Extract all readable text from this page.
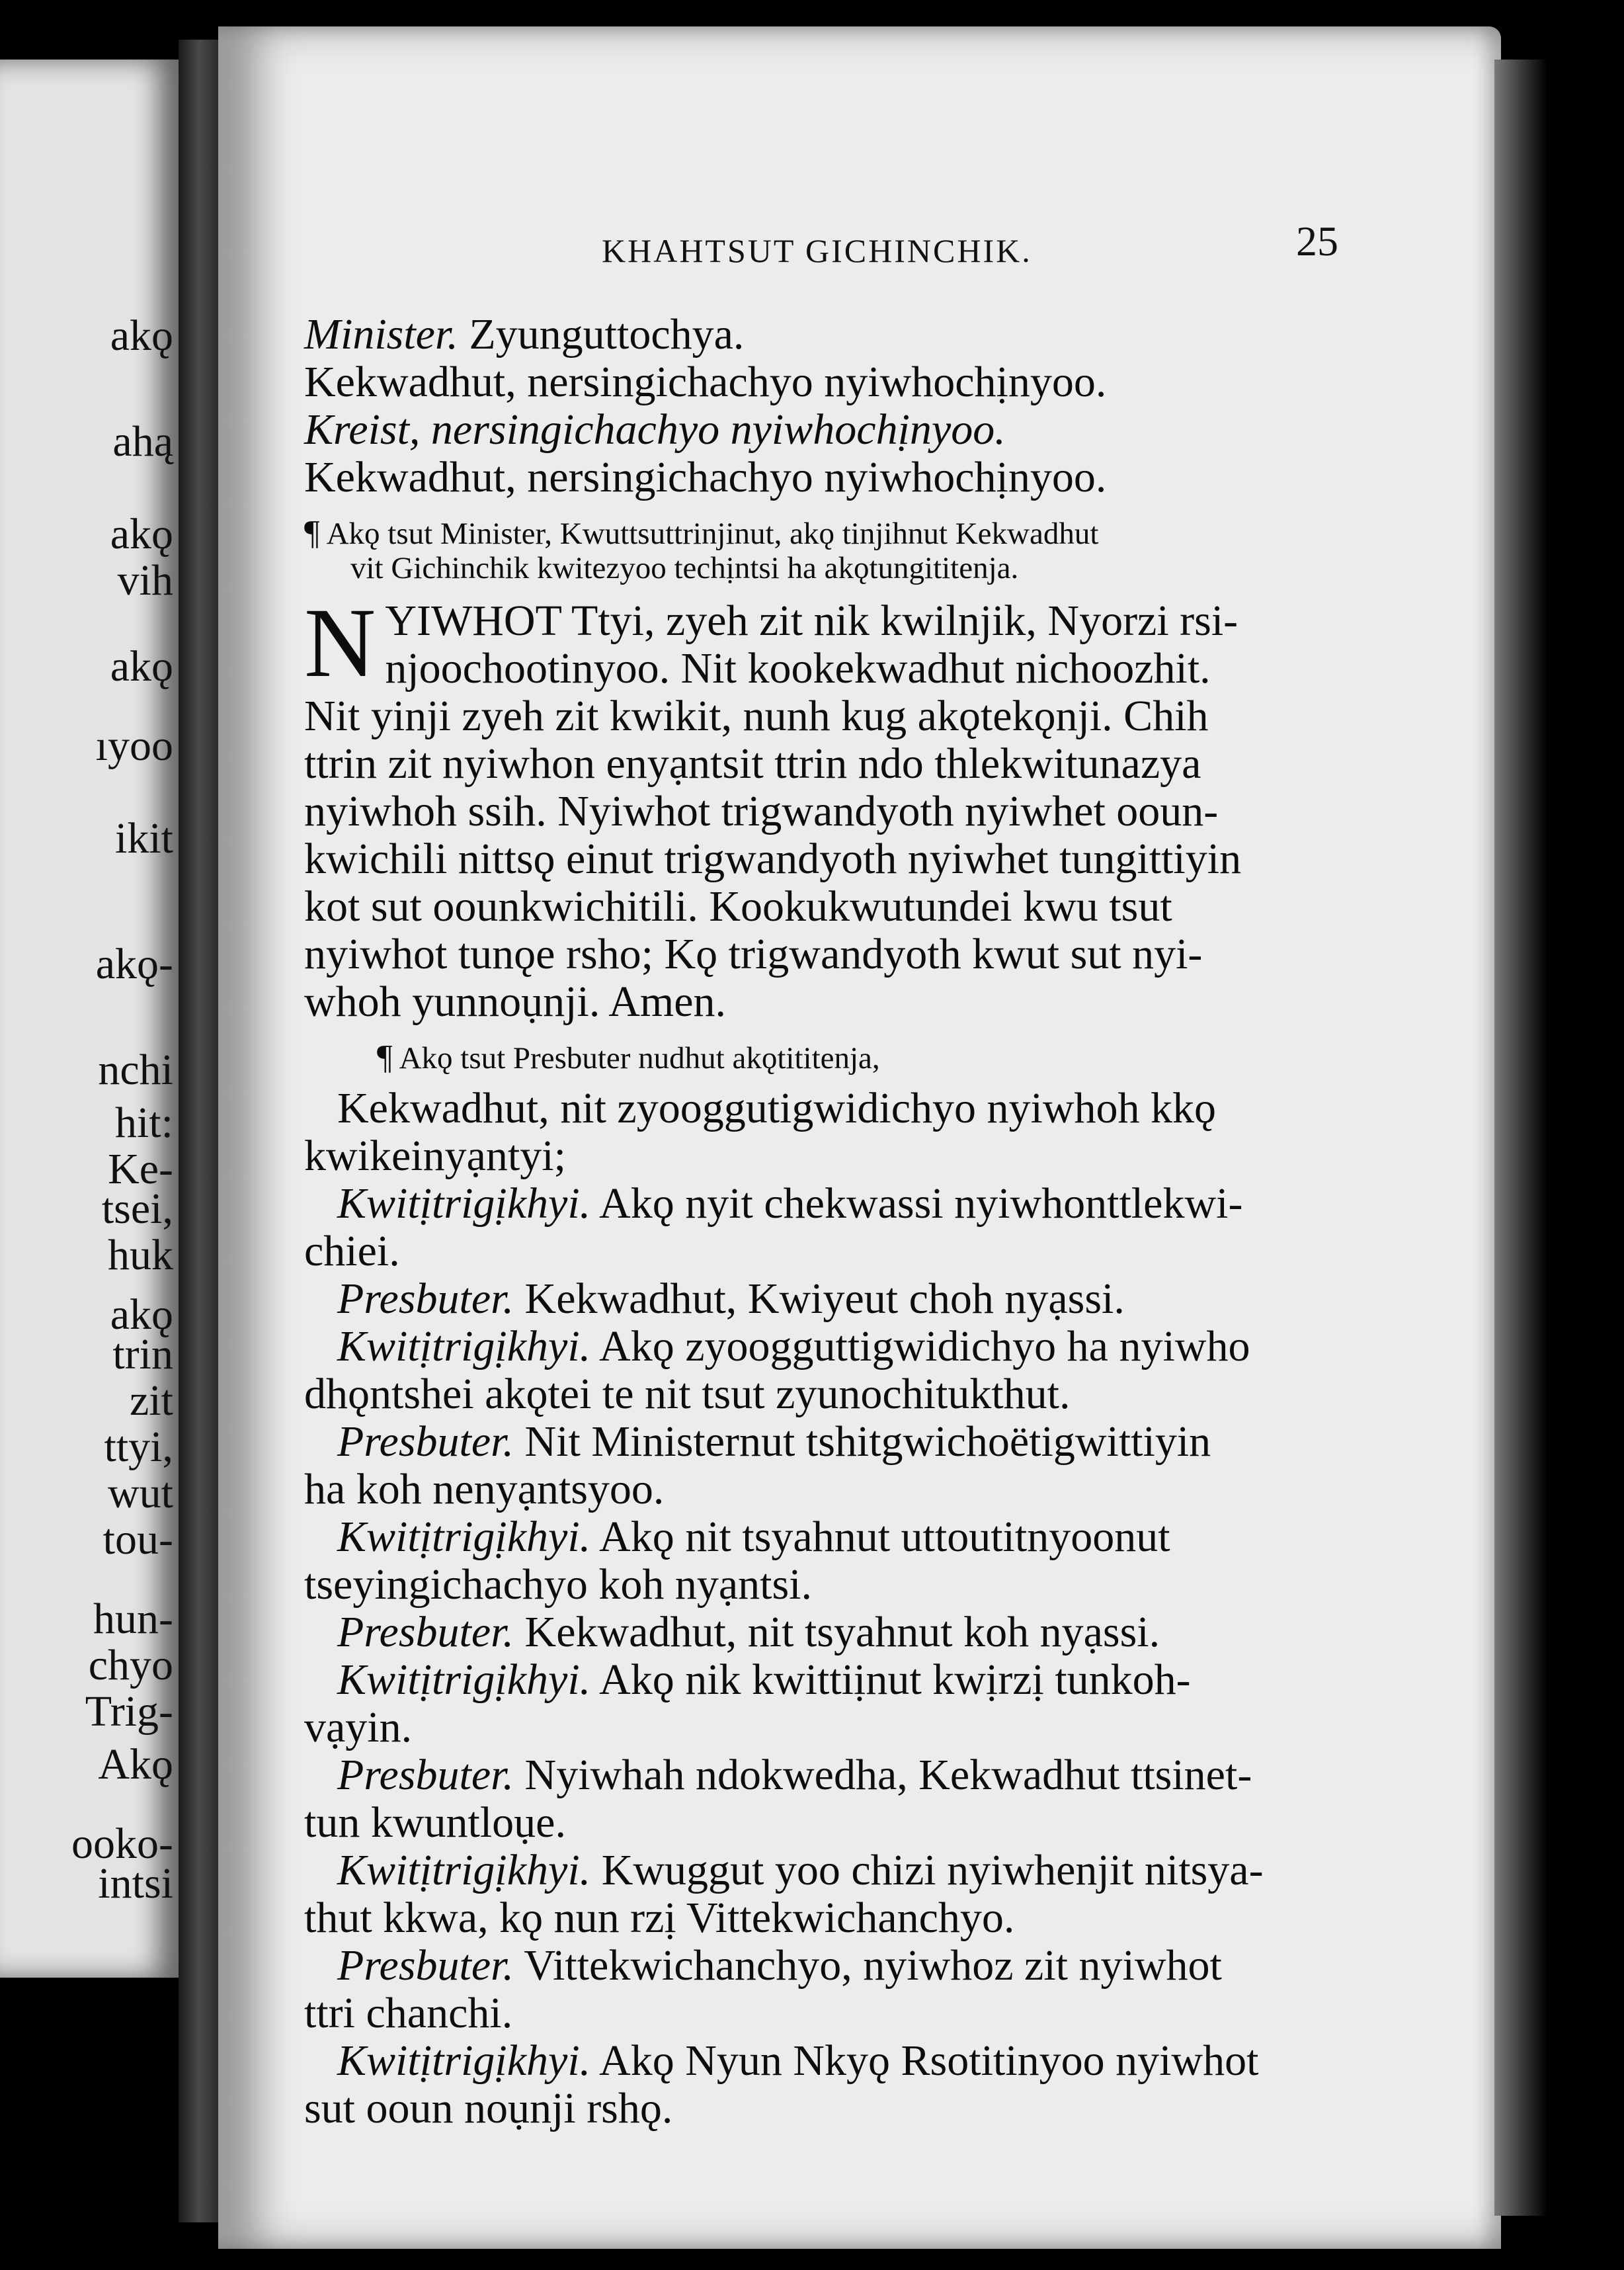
akǫ
ahą
akǫ
vih
akǫ
ıyoo
ikit
akǫ-
nchi
hit:
Ke-
tsei,
huk
akǫ
trin
zit
ttyi,
wut
tou-
hun-
chyo
Trig-
Akǫ
ooko-
intsi
KHAHTSUT GICHINCHIK.	25
Minister. Zyunguttochya.
Kekwadhut, nersingichachyo nyiwhochịnyoo.
Kreist, nersingichachyo nyiwhochịnyoo.
Kekwadhut, nersingichachyo nyiwhochịnyoo.
¶ Akǫ tsut Minister, Kwuttsuttrinjinut, akǫ tinjihnut Kekwadhut
vit Gichinchik kwitezyoo techịntsi ha akǫtungititenja.
N YIWHOT Ttyi, zyeh zit nik kwilnjik, Nyorzi rsi-
njoochootinyoo. Nit kookekwadhut nichoozhit.
Nit yinji zyeh zit kwikit, nunh kug akǫtekǫnji. Chih
ttrin zit nyiwhon enyạntsit ttrin ndo thlekwitunazya
nyiwhoh ssih. Nyiwhot trigwandyoth nyiwhet ooun-
kwichili nittsǫ einut trigwandyoth nyiwhet tungittiyin
kot sut oounkwichitili. Kookukwutundei kwu tsut
nyiwhot tunǫe rsho; Kǫ trigwandyoth kwut sut nyi-
whoh yunnoụnji. Amen.
¶ Akǫ tsut Presbuter nudhut akǫtititenja,
Kekwadhut, nit zyooggutigwidichyo nyiwhoh kkǫ
kwikeinyạntyi;
Kwitịtrigịkhyi. Akǫ nyit chekwassi nyiwhonttlekwi-
chiei.
Presbuter. Kekwadhut, Kwiyeut choh nyạssi.
Kwitịtrigịkhyi. Akǫ zyoogguttigwidichyo ha nyiwho
dhǫntshei akǫtei te nit tsut zyunochitukthut.
Presbuter. Nit Ministernut tshitgwichoëtigwittiyin
ha koh nenyạntsyoo.
Kwitịtrigịkhyi. Akǫ nit tsyahnut uttoutitnyoonut
tseyingichachyo koh nyạntsi.
Presbuter. Kekwadhut, nit tsyahnut koh nyạssi.
Kwitịtrigịkhyi. Akǫ nik kwittiịnut kwịrzị tunkoh-
vạyin.
Presbuter. Nyiwhah ndokwedha, Kekwadhut ttsinet-
tun kwuntloụe.
Kwitịtrigịkhyi. Kwuggut yoo chizi nyiwhenjit nitsya-
thut kkwa, kǫ nun rzị Vittekwichanchyo.
Presbuter. Vittekwichanchyo, nyiwhoz zit nyiwhot
ttri chanchi.
Kwitịtrigịkhyi. Akǫ Nyun Nkyǫ Rsotitinyoo nyiwhot
sut ooun noụnji rshǫ.
